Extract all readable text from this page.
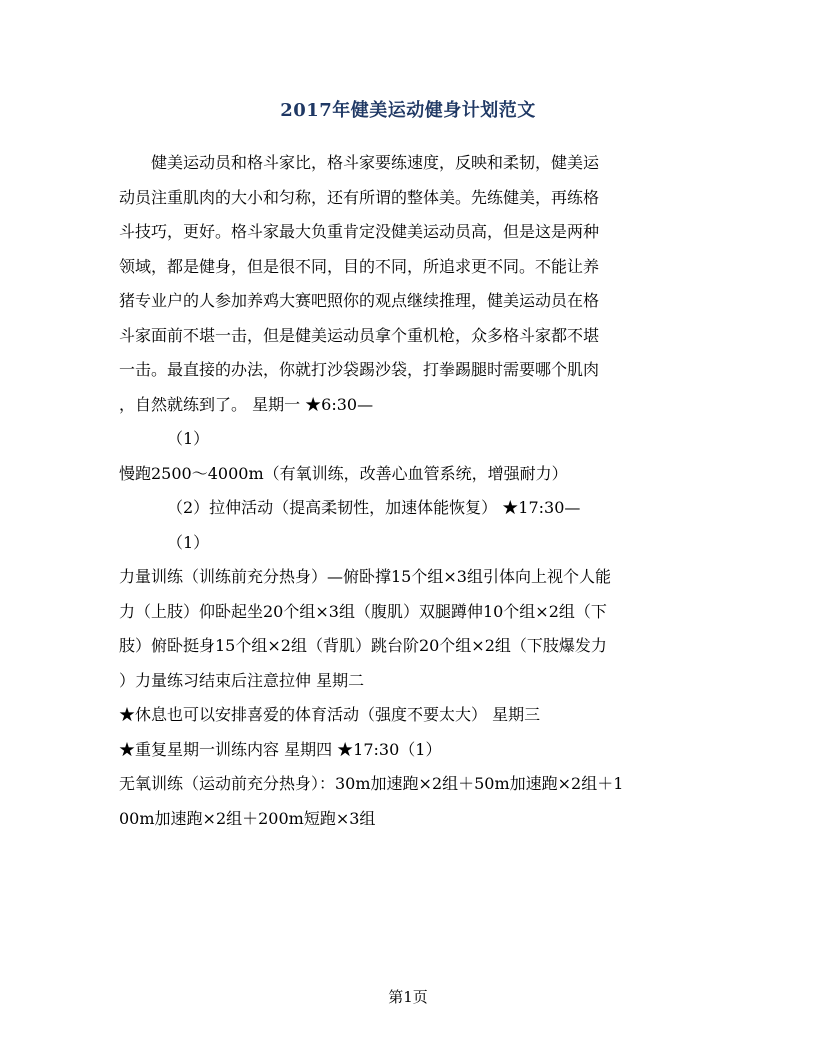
2017年健美运动健身计划范文

健美运动员和格斗家比，格斗家要练速度，反映和柔韧，健美运
动员注重肌肉的大小和匀称，还有所谓的整体美。先练健美，再练格
斗技巧，更好。格斗家最大负重肯定没健美运动员高，但是这是两种
领域，都是健身，但是很不同，目的不同，所追求更不同。不能让养
猪专业户的人参加养鸡大赛吧照你的观点继续推理，健美运动员在格
斗家面前不堪一击，但是健美运动员拿个重机枪，众多格斗家都不堪
一击。最直接的办法，你就打沙袋踢沙袋，打拳踢腿时需要哪个肌肉
，自然就练到了。 星期一 ★6:30—

（1）

慢跑2500～4000m（有氧训练，改善心血管系统，增强耐力）

（2）拉伸活动（提高柔韧性，加速体能恢复） ★17:30—

（1）

力量训练（训练前充分热身）—俯卧撑15个组×3组引体向上视个人能
力（上肢）仰卧起坐20个组×3组（腹肌）双腿蹲伸10个组×2组（下
肢）俯卧挺身15个组×2组（背肌）跳台阶20个组×2组（下肢爆发力
）力量练习结束后注意拉伸 星期二

★休息也可以安排喜爱的体育活动（强度不要太大） 星期三

★重复星期一训练内容 星期四 ★17:30（1）

无氧训练（运动前充分热身）：30m加速跑×2组＋50m加速跑×2组＋1
00m加速跑×2组＋200m短跑×3组

第1页
